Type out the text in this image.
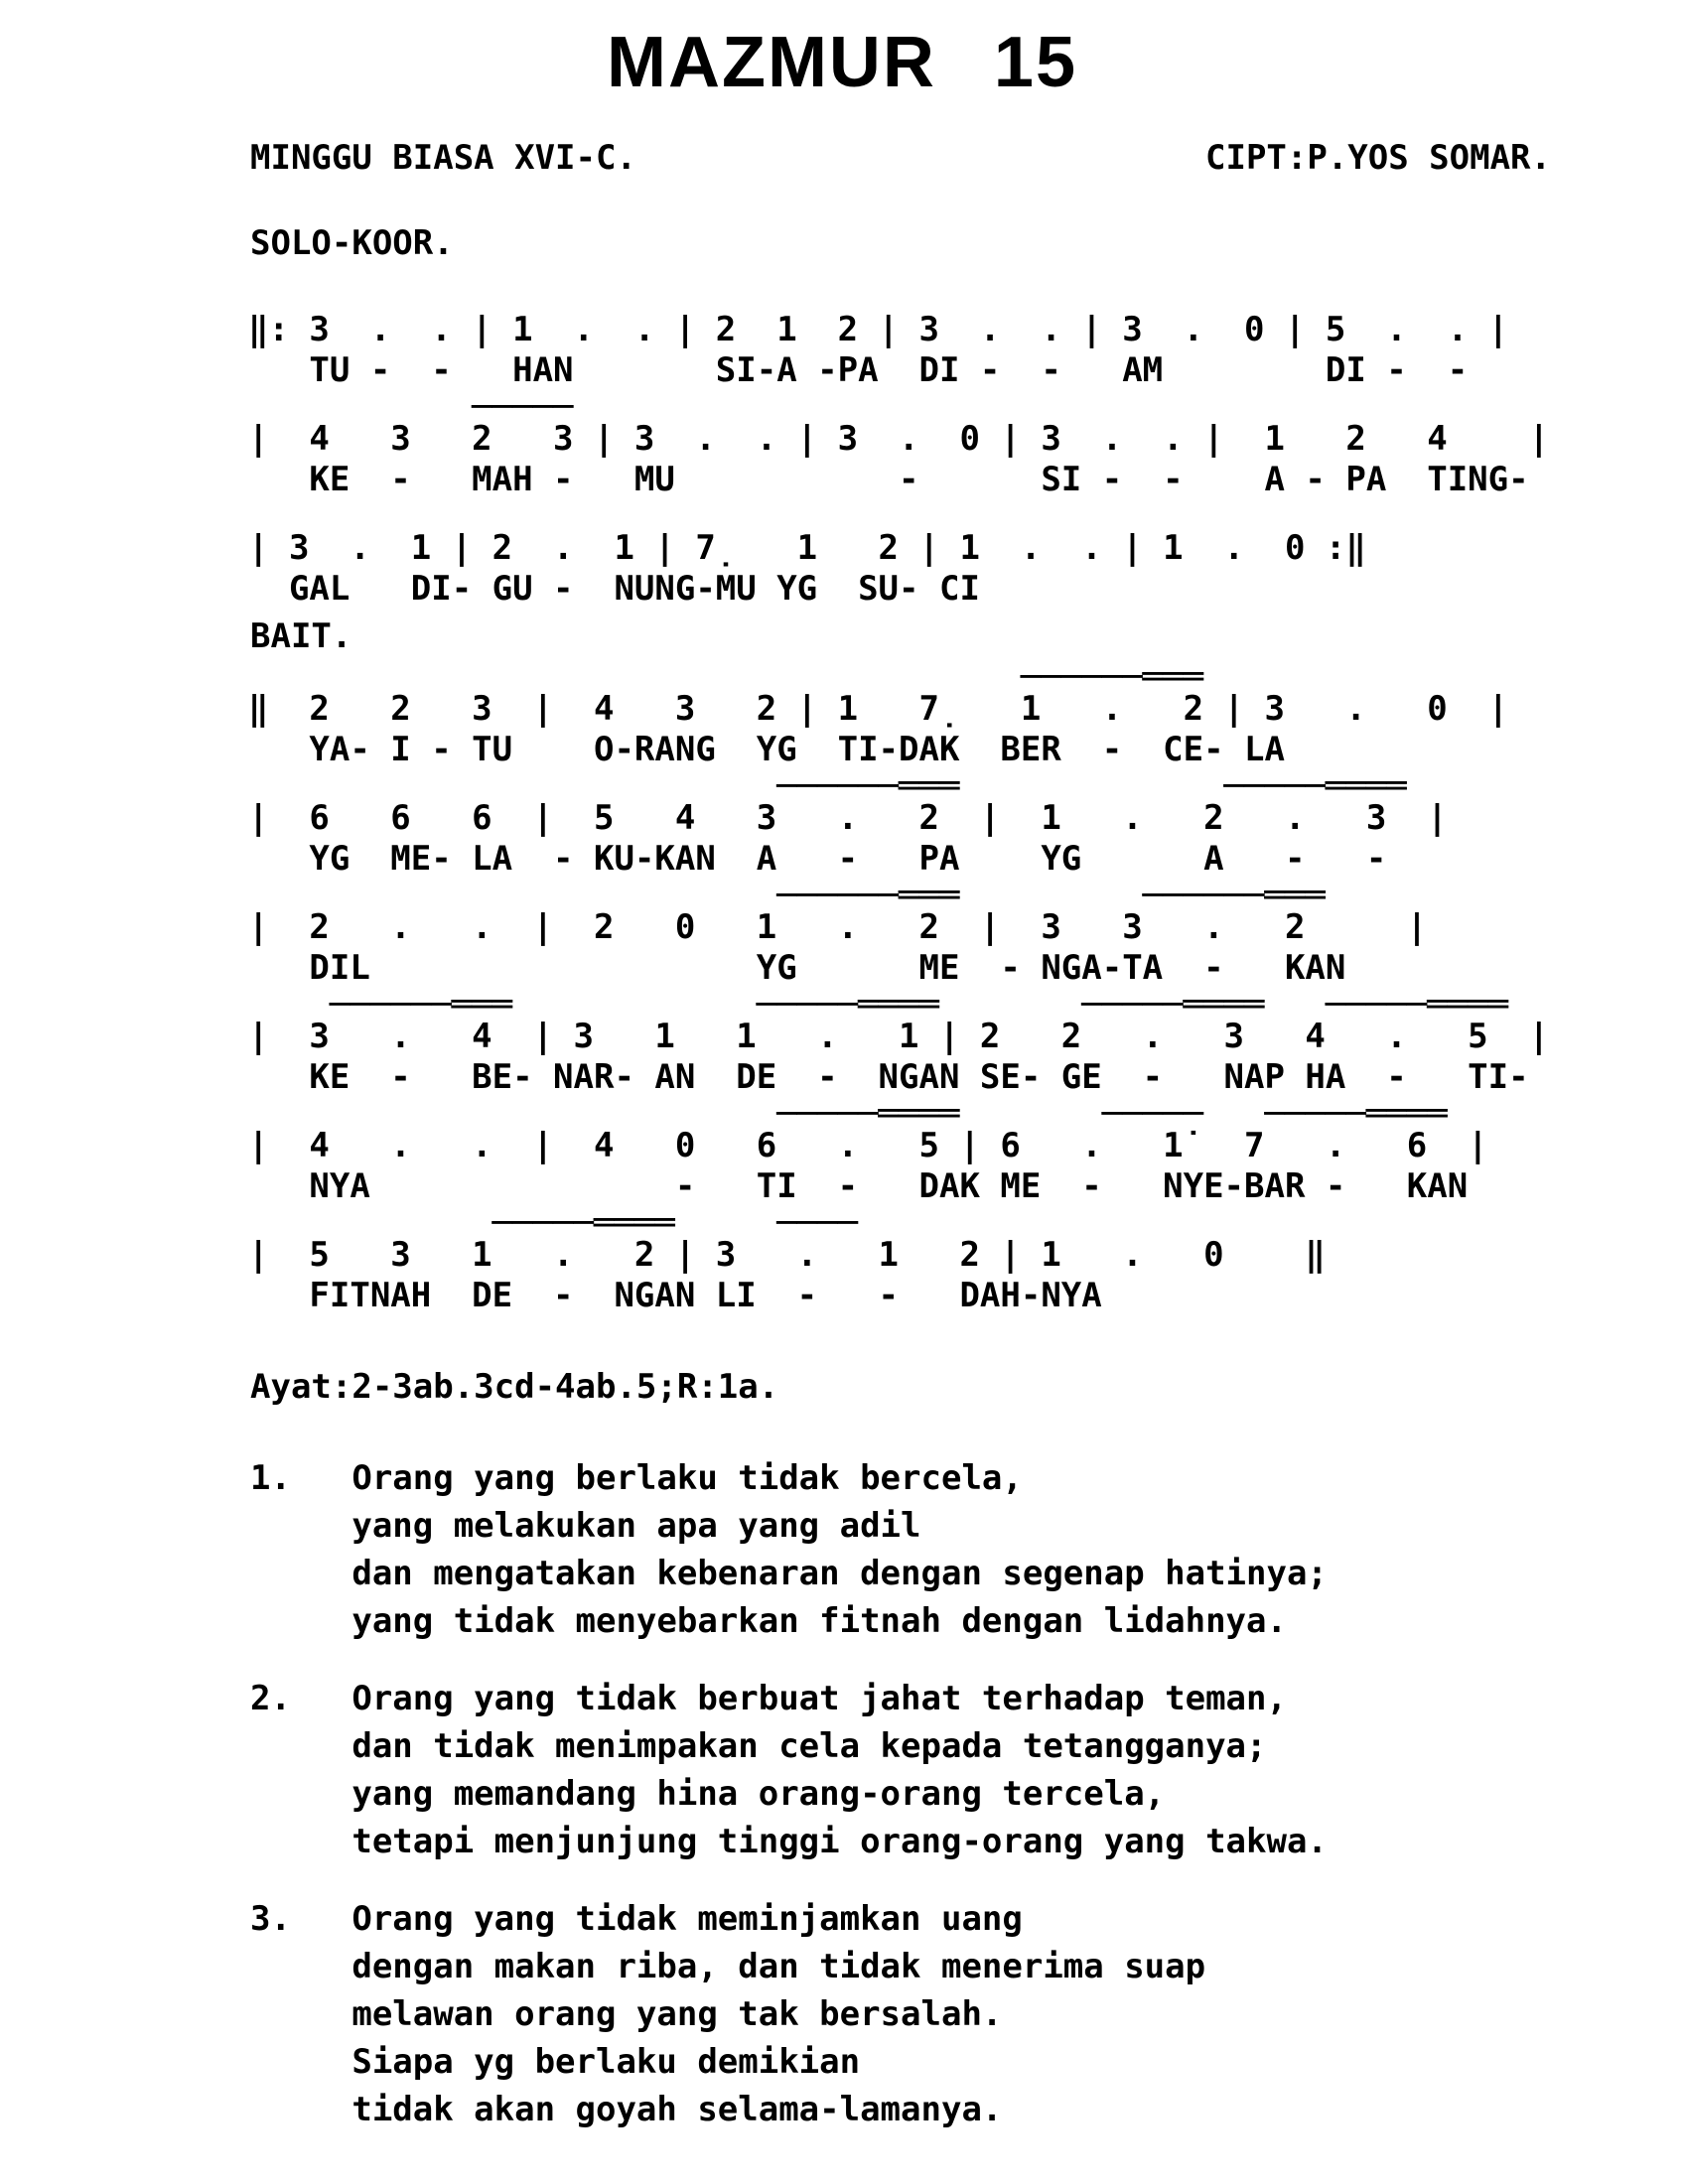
MAZMUR 15
MINGGU BIASA XVI-C.	CIPT:P.YOS SOMAR.
SOLO-KOOR.

‖: 3  .  . | 1  .  . | 2  1  2 | 3  .  . | 3  .  0 | 5  .  . |
TU -  -   HAN       SI-A -PA  DI -  -   AM        DI -  -
─────
|  4   3   2   3 | 3  .  . | 3  .  0 | 3  .  . |  1   2   4    |
KE  -   MAH -   MU           -      SI -  -    A - PA  TING-

| 3  .  1 | 2  .  1 | 7̣   1   2 | 1  .  . | 1  .  0 :‖
GAL   DI- GU -  NUNG-MU YG  SU- CI
BAIT.
──────═══
‖  2   2   3  |  4   3   2 | 1   7̣   1   .   2 | 3   .   0  |
YA- I - TU    O-RANG  YG  TI-DAK  BER  -  CE- LA
──────═══             ─────════
|  6   6   6  |  5   4   3   .   2  |  1   .   2   .   3  |
YG  ME- LA  - KU-KAN  A   -   PA    YG      A   -   -
──────═══         ──────═══
|  2   .   .  |  2   0   1   .   2  |  3   3   .   2     |
DIL                   YG      ME  - NGA-TA  -   KAN
──────═══            ─────════       ─────════   ─────════
|  3   .   4  | 3   1   1   .   1 | 2   2   .   3   4   .   5  |
KE  -   BE- NAR- AN  DE  -  NGAN SE- GE  -   NAP HA  -   TI-
─────════       ─────   ─────════
|  4   .   .  |  4   0   6   .   5 | 6   .   1̇   7   .   6  |
NYA               -   TI  -   DAK ME  -   NYE-BAR -   KAN
─────════     ────
|  5   3   1   .   2 | 3   .   1   2 | 1   .   0    ‖
FITNAH  DE  -  NGAN LI  -   -   DAH-NYA
Ayat:2-3ab.3cd-4ab.5;R:1a.
1.   Orang yang berlaku tidak bercela,
yang melakukan apa yang adil
dan mengatakan kebenaran dengan segenap hatinya;
yang tidak menyebarkan fitnah dengan lidahnya.
2.   Orang yang tidak berbuat jahat terhadap teman,
dan tidak menimpakan cela kepada tetangganya;
yang memandang hina orang-orang tercela,
tetapi menjunjung tinggi orang-orang yang takwa.
3.   Orang yang tidak meminjamkan uang
dengan makan riba, dan tidak menerima suap
melawan orang yang tak bersalah.
Siapa yg berlaku demikian
tidak akan goyah selama-lamanya.
